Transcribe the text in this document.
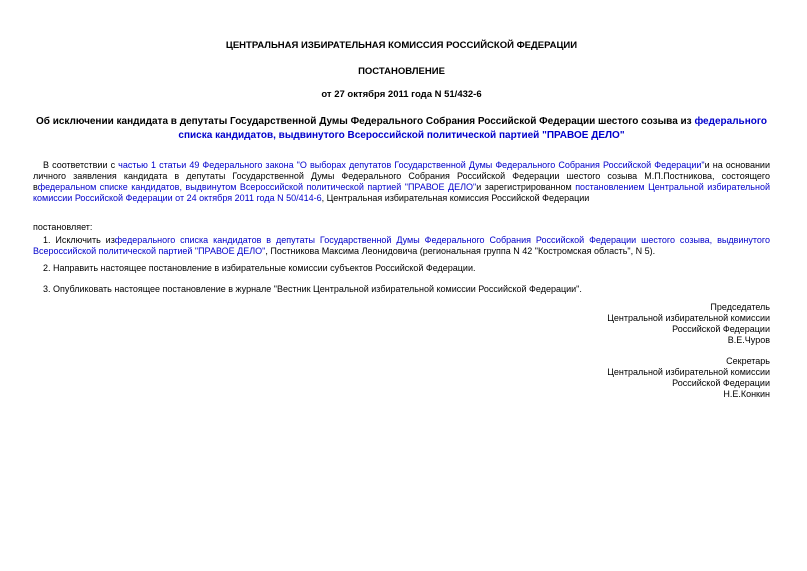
ЦЕНТРАЛЬНАЯ ИЗБИРАТЕЛЬНАЯ КОМИССИЯ РОССИЙСКОЙ ФЕДЕРАЦИИ

ПОСТАНОВЛЕНИЕ

от 27 октября 2011 года N 51/432-6

Об исключении кандидата в депутаты Государственной Думы Федерального Собрания Российской Федерации шестого созыва из федерального списка кандидатов, выдвинутого Всероссийской политической партией "ПРАВОЕ ДЕЛО"

В соответствии с частью 1 статьи 49 Федерального закона "О выборах депутатов Государственной Думы Федерального Собрания Российской Федерации"и на основании личного заявления кандидата в депутаты Государственной Думы Федерального Собрания Российской Федерации шестого созыва М.П.Постникова, состоящего вфедеральном списке кандидатов, выдвинутом Всероссийской политической партией "ПРАВОЕ ДЕЛО"и зарегистрированном постановлением Центральной избирательной комиссии Российской Федерации от 24 октября 2011 года N 50/414-6, Центральная избирательная комиссия Российской Федерации

постановляет:

1. Исключить изфедерального списка кандидатов в депутаты Государственной Думы Федерального Собрания Российской Федерации шестого созыва, выдвинутого Всероссийской политической партией "ПРАВОЕ ДЕЛО", Постникова Максима Леонидовича (региональная группа N 42 "Костромская область", N 5).

2. Направить настоящее постановление в избирательные комиссии субъектов Российской Федерации.

3. Опубликовать настоящее постановление в журнале "Вестник Центральной избирательной комиссии Российской Федерации".

Председатель
Центральной избирательной комиссии
Российской Федерации
В.Е.Чуров
Секретарь
Центральной избирательной комиссии
Российской Федерации
Н.Е.Конкин
